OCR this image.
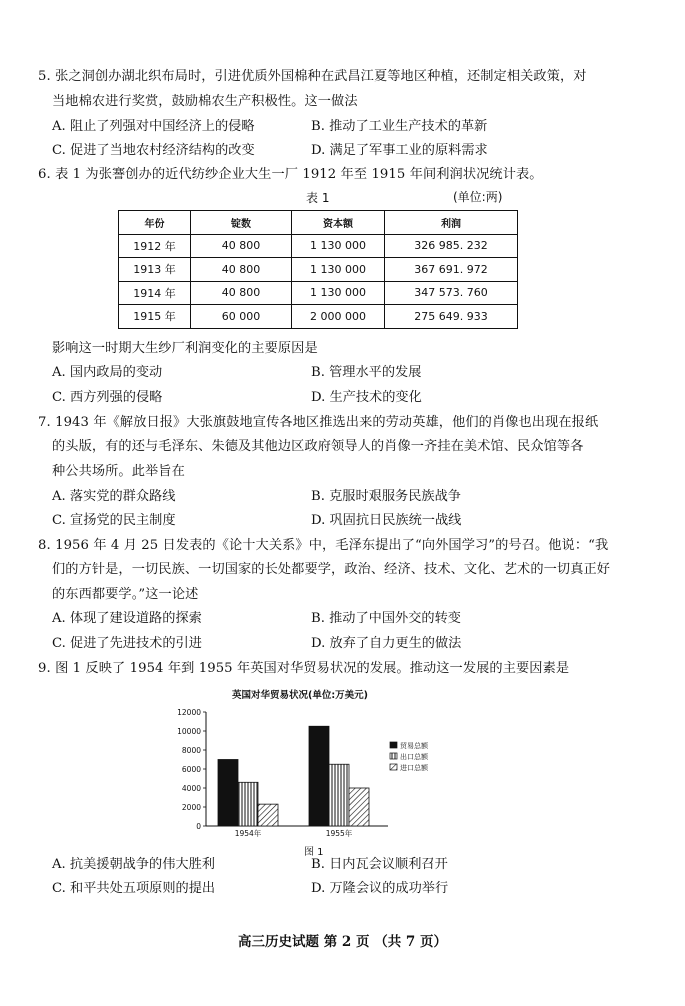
5. 张之洞创办湖北织布局时，引进优质外国棉种在武昌江夏等地区种植，还制定相关政策，对
当地棉农进行奖赏，鼓励棉农生产积极性。这一做法
A. 阻止了列强对中国经济上的侵略	B. 推动了工业生产技术的革新
C. 促进了当地农村经济结构的改变	D. 满足了军事工业的原料需求
6. 表 1 为张謇创办的近代纺纱企业大生一厂 1912 年至 1915 年间利润状况统计表。
表 1	(单位:两)
年份	锭数	资本额	利润
1912 年	40 800	1 130 000	326 985. 232
1913 年	40 800	1 130 000	367 691. 972
1914 年	40 800	1 130 000	347 573. 760
1915 年	60 000	2 000 000	275 649. 933
影响这一时期大生纱厂利润变化的主要原因是
A. 国内政局的变动	B. 管理水平的发展
C. 西方列强的侵略	D. 生产技术的变化
7. 1943 年《解放日报》大张旗鼓地宣传各地区推选出来的劳动英雄，他们的肖像也出现在报纸
的头版，有的还与毛泽东、朱德及其他边区政府领导人的肖像一齐挂在美术馆、民众馆等各
种公共场所。此举旨在
A. 落实党的群众路线	B. 克服时艰服务民族战争
C. 宣扬党的民主制度	D. 巩固抗日民族统一战线
8. 1956 年 4 月 25 日发表的《论十大关系》中，毛泽东提出了“向外国学习”的号召。他说：“我
们的方针是，一切民族、一切国家的长处都要学，政治、经济、技术、文化、艺术的一切真正好
的东西都要学。”这一论述
A. 体现了建设道路的探索	B. 推动了中国外交的转变
C. 促进了先进技术的引进	D. 放弃了自力更生的做法
9. 图 1 反映了 1954 年到 1955 年英国对华贸易状况的发展。推动这一发展的主要因素是
英国对华贸易状况(单位:万美元)
0
2000
4000
6000
8000
10000
12000
1954年	1955年
贸易总额
出口总额
进口总额
图 1
A. 抗美援朝战争的伟大胜利	B. 日内瓦会议顺利召开
C. 和平共处五项原则的提出	D. 万隆会议的成功举行
高三历史试题 第 2 页 （共 7 页）
